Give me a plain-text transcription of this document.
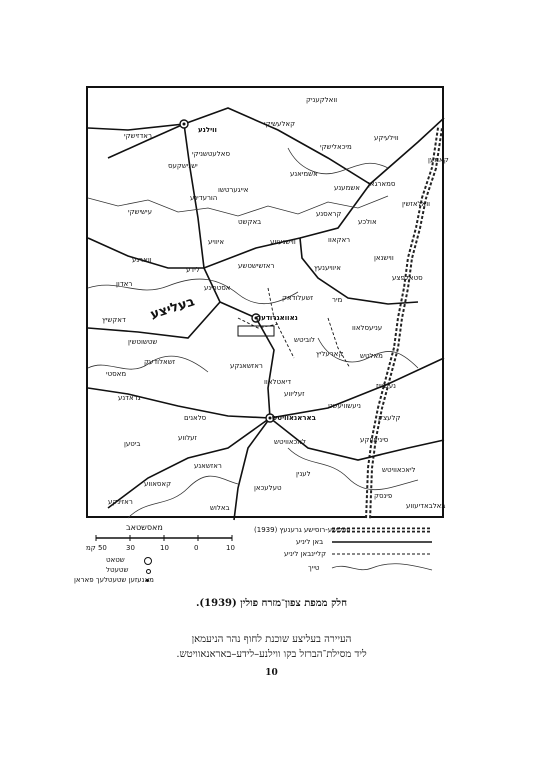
בעליצע
וואלקעניק
ווילנע
קאלעשיקי
מיכאלישקי
קאמען
ווילעיקע
אשמיאנע
סאלעטשניקי
ראדזישקי
אייגערטשו
סמארגאן
וואלאזשין
ישנישקעס
עישישקי
אשמענע
הורעדינע
באקשט
קראסנע
אולכע
איוויע	ווישנעווע	ראקאוו
לידע
ווארנע	ווישנאן
ראדון
ראזשישטשע	איוויענעץ
סטאלפצע
אסטרינע
זשעלודאק	מיר
עניעסלאוו
דאקשיץ	נאוואגרודעק
לוביטש
קארעליץ מאלטש
שטשוטשין
ראזשאנקע
דיאטלאוו	נעשוויז
זשאלודעק
מאסטי
זעליווע
ניעשוויעשט
גראדנע
סלאנים	באראנאוויטש	קלעצק
זעלווע
ביטען	לאכאוויטש	סיניאווקע
ראזשאנע
לענין
קאסאווע	טעלעכאן
ליאכאוויטש
פינסק
באלבאדיעווע
ראזינקע
באלוש
מאסשטאב
50 קמ	30	10	0	10
שטאט
שטעטל
מאנעזען שטעטלעך פאראן
פוילישע-רוסישע גרענעץ (1939)
באן ליניע
קליינבאן ליניע
טייך
חלק ממפת צפון־מזרח פולין (1939).
העיירה בעליצע שוכנת לחוף נהר הניעמאן
ליד מסילת־הברזל בקו ווילנע–לידע–באראנאוויטש.
10
